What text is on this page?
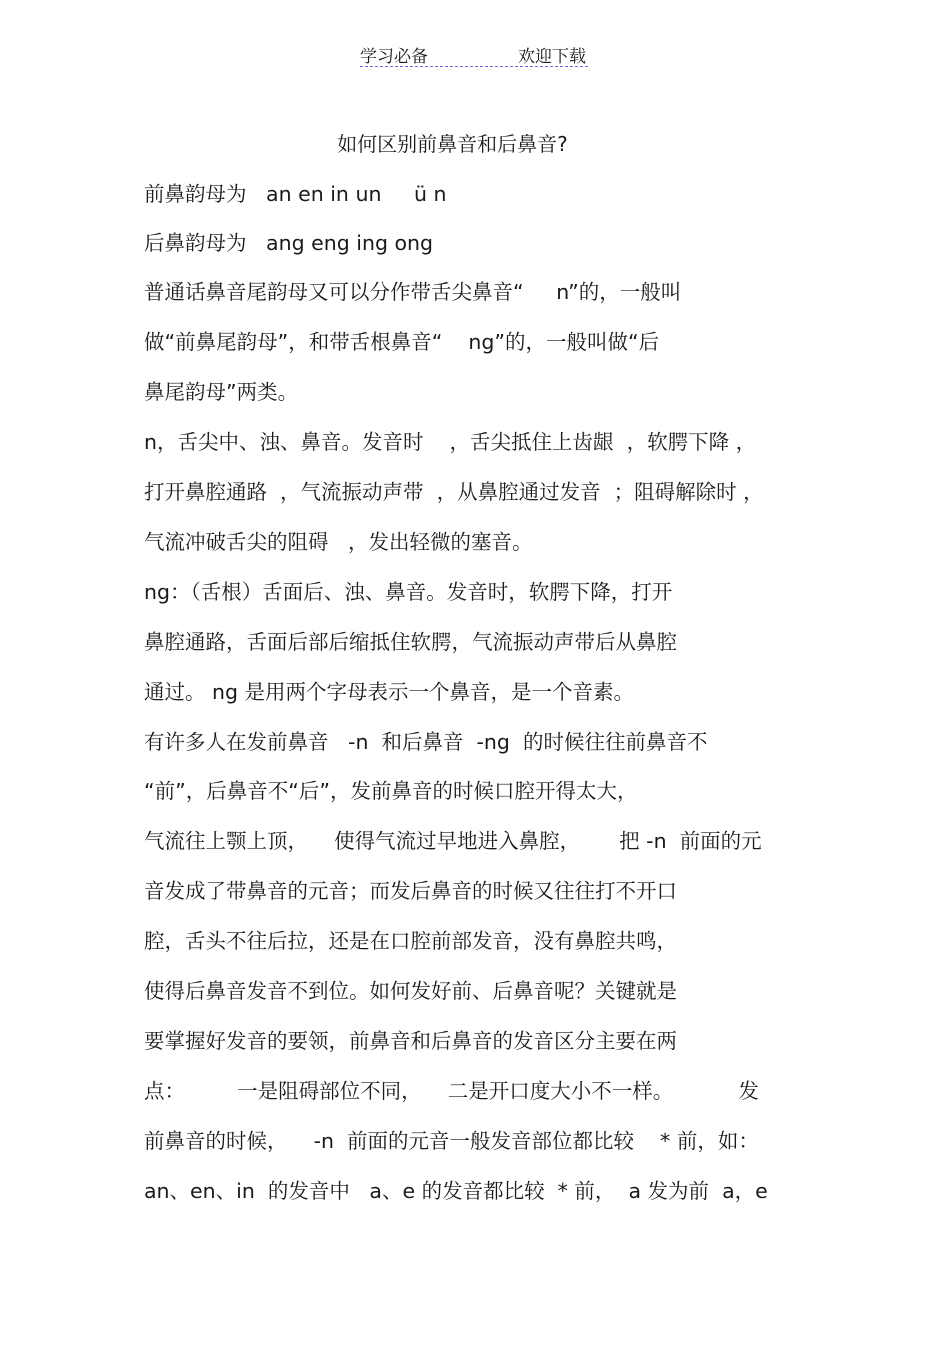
学习必备	欢迎下载
如何区别前鼻音和后鼻音?
前鼻韵母为   an en in un     ü n
后鼻韵母为   ang eng ing ong
普通话鼻音尾韵母又可以分作带舌尖鼻音“     n”的，一般叫
做“前鼻尾韵母”，和带舌根鼻音“    ng”的，一般叫做“后
鼻尾韵母”两类。
n，舌尖中、浊、鼻音。发音时    ，舌尖抵住上齿龈  ，软腭下降 ，
打开鼻腔通路  ，气流振动声带  ，从鼻腔通过发音  ；阻碍解除时 ，
气流冲破舌尖的阻碍   ，发出轻微的塞音。
ng：（舌根）舌面后、浊、鼻音。发音时，软腭下降，打开
鼻腔通路，舌面后部后缩抵住软腭，气流振动声带后从鼻腔
通过。 ng 是用两个字母表示一个鼻音，是一个音素。
有许多人在发前鼻音   -n  和后鼻音  -ng  的时候往往前鼻音不
“前”，后鼻音不“后”，发前鼻音的时候口腔开得太大，
气流往上颚上顶，    使得气流过早地进入鼻腔，      把 -n  前面的元
音发成了带鼻音的元音；而发后鼻音的时候又往往打不开口
腔，舌头不往后拉，还是在口腔前部发音，没有鼻腔共鸣，
使得后鼻音发音不到位。如何发好前、后鼻音呢？关键就是
要掌握好发音的要领，前鼻音和后鼻音的发音区分主要在两
点：        一是阻碍部位不同，    二是开口度大小不一样。          发
前鼻音的时候，    -n  前面的元音一般发音部位都比较    * 前，如：
an、en、in  的发音中   a、e 的发音都比较  * 前，  a 发为前  a，e
